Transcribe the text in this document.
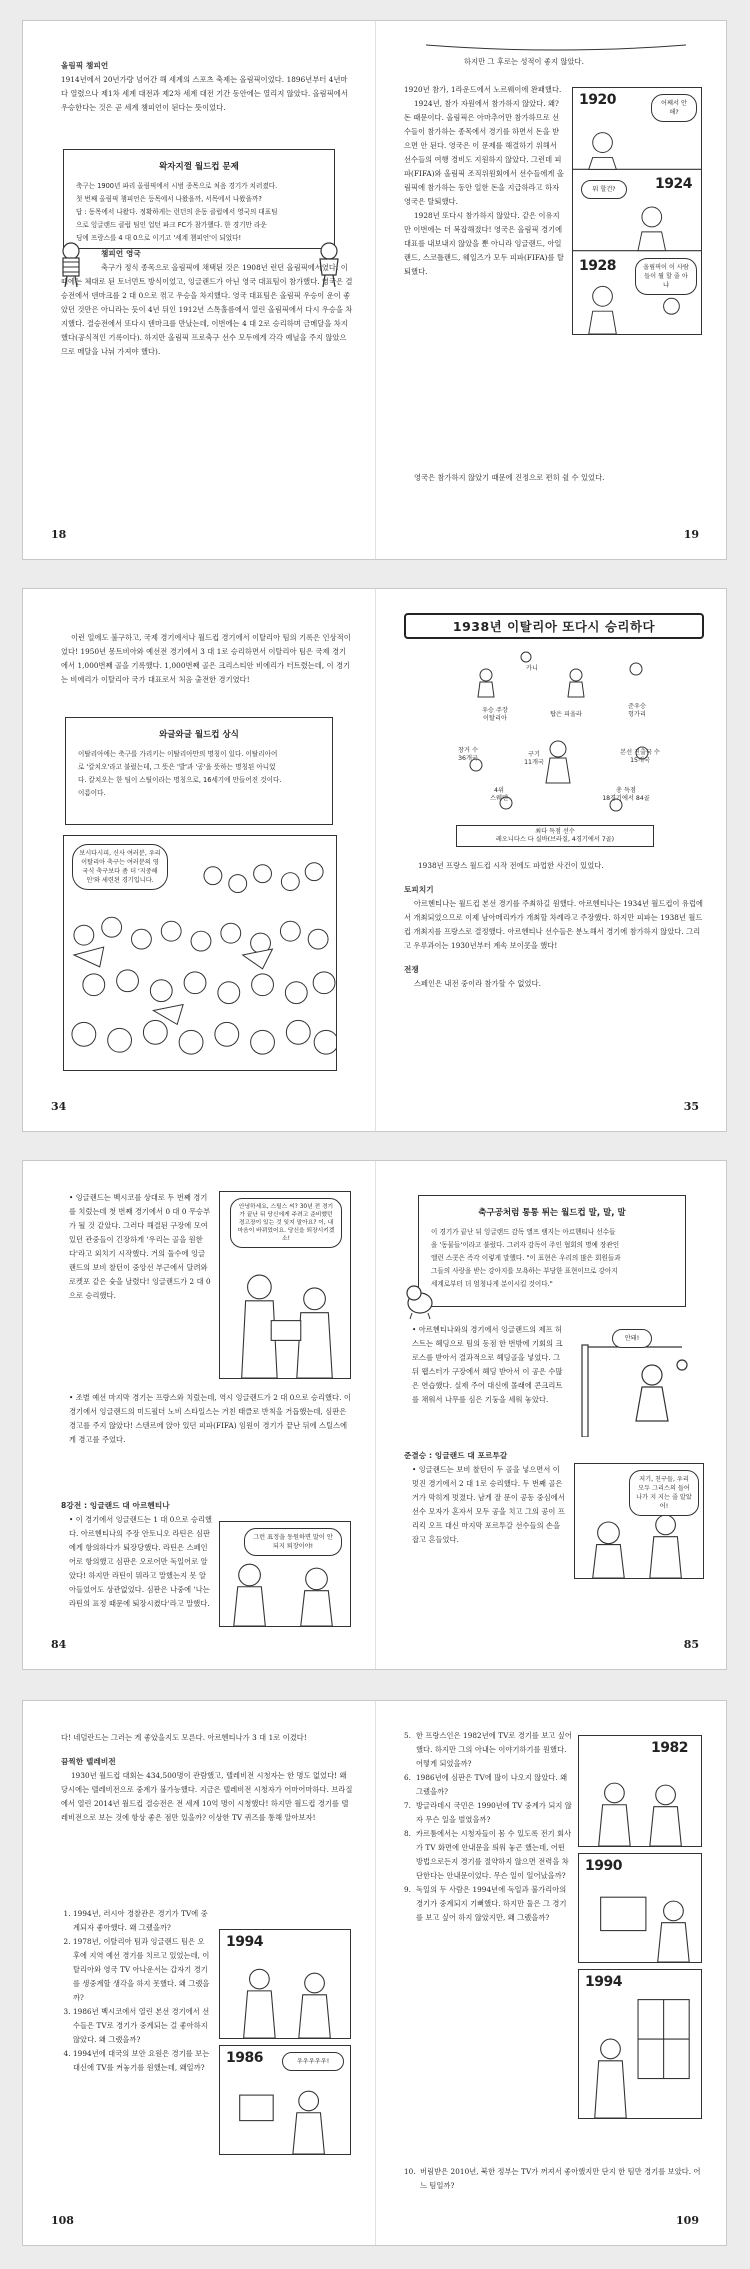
올림픽 챔피언

1914년에서 20년가량 넘어간 해 세계의 스포츠 축제는 올림픽이었다. 1896년부터 4년마다 열렸으나 제1차 세계 대전과 제2차 세계 대전 기간 동안에는 열리지 않았다. 올림픽에서 우승한다는 것은 곧 세계 챔피언이 된다는 뜻이었다.

왁자지껄 월드컵 문제
축구는 1900년 파리 올림픽에서 시범 종목으로 처음 경기가 치러졌다.
첫 번째 올림픽 챔피언은 등목에서 나왔을까, 서목에서 나왔을까?
답 : 동목에서 나왔다. 정확하게는 런던의 운동 클럽에서 영국의 대표팀
으로 잉글랜드 클럽 팀인 업턴 파크 FC가 참가했다. 한 경기만 라운
딩에 프랑스를 4 대 0으로 이기고 '세계 챔피언'이 되었다!
챔피언 영국

축구가 정식 종목으로 올림픽에 채택된 것은 1908년 런던 올림픽에서였다. 이때에는 체대로 된 토너먼트 방식이었고, 잉글랜드가 아닌 영국 대표팀이 참가했다. 영국은 결승전에서 덴마크를 2 대 0으로 꺾고 우승을 차지했다. 영국 대표팀은 올림픽 우승이 운이 좋았던 것만은 아니라는 듯이 4년 뒤인 1912년 스톡홀름에서 열린 올림픽에서 다시 우승을 차지했다. 결승전에서 또다시 덴마크를 만났는데, 이번에는 4 대 2로 승리하며 금메달을 차지했다(공식적인 기록이다). 하지만 올림픽 프로축구 선수 모두에게 각각 예닐을 주지 않았으므로 메달을 나눠 가져야 했다).

18

하지만 그 후로는 성적이 좋지 않았다.

1920년 참가, 1라운드에서 노르웨이에 완패했다.

1924년, 참가 자원에서 참가하지 않았다. 왜? 돈 때문이다. 올림픽은 아마추어만 참가하므로 선수들이 참가하는 종목에서 경기를 하면서 돈을 받으면 안 된다. 영국은 이 문제를 해결하기 위해서 선수들의 여행 경비도 지원하지 않았다. 그런데 피파(FIFA)와 올림픽 조직위원회에서 선수들에게 올림픽에 참가하는 동안 일한 돈을 지급하라고 하자 영국은 탈퇴했다.

1928년 또다시 참가하지 않았다. 같은 이유지만 이번에는 더 복잡해졌다! 영국은 올림픽 경기에 대표를 내보내지 않았을 뿐 아니라 잉글랜드, 아일랜드, 스코틀랜드, 웨일즈가 모두 피파(FIFA)를 탈퇴했다.

영국은 참가하지 않았기 때문에 진정으로 편히 쉴 수 있었다.

1920	어째서 안 해?
1924
뭐 할건?
1928	올림픽이 이 사람들이 뭘 할 줄 아냐
19

이런 일에도 불구하고, 국제 경기에서나 월드컵 경기에서 이탈리아 팀의 기록은 인상적이었다! 1950년 몽트비아와 예선전 경기에서 3 대 1로 승리하면서 이탈리아 팀은 국제 경기에서 1,000번째 골을 기록했다. 1,000번째 골은 크리스티안 비에리가 터트렸는데, 이 경기는 비에리가 이탈리아 국가 대표로서 처음 출전한 경기였다!

와글와글 월드컵 상식
이탈리아에는 축구를 가리키는 이탈리아만의 명칭이 있다. 이탈리아어
로 '칼치오'라고 불렀는데, 그 뜻은 '발'과 '공'을 뜻하는 명칭된 아니었
다. 칼치오는 한 팀이 스틸이라는 명칭으로, 16세기에 만들어진 것이다.
이름이다.
보시다시피, 신사 여러분, 우리 이탈리아 축구는 여러분의 영국식 축구보다 좀 더 '지중해인'와 세련된 경기입니다.
34
1938년 이탈리아 또다시 승리하다
우승 주장
이탈리아
카니
탑은 피올라
창거 수
36개국
구기
11개국
본선 진출국 수
15개국
준우승
헝가리
4위
스웨덴
총 득점
18경기에서 84골
최다 득점 선수
레오니다스 다 실바(브라질, 4경기에서 7골)

1938년 프랑스 월드컵 시작 전에도 파업한 사건이 있었다.

토피치기

아르헨티나는 월드컵 본선 경기를 주최하길 원했다. 아르헨티나는 1934년 월드컵이 유럽에서 개최되었으므로 이제 남아메리카가 개최할 차례라고 주장했다. 하지만 피파는 1938년 월드컵 개최지를 프랑스로 결정했다. 아르헨티나 선수들은 분노해서 경기에 참가하지 않았다. 그리고 우루과이는 1930년부터 계속 보이콧을 했다!

전쟁

스페인은 내전 중이라 참가할 수 없었다.

35
• 잉글랜드는 벡시코를 상대로 두 번째 경기를 치렀는데 첫 번째 경기에서 0 대 0 무승부가 될 것 같았다. 그러다 해결된 구장에 모여 있던 관중들이 긴장하게 '우리는 골을 원한다'라고 외치기 시작했다. 거의 둘수에 잉글랜드의 보비 찰턴이 중앙선 부근에서 달려와 로켓포 같은 슛을 날렸다! 잉글랜드가 2 대 0으로 승리했다.
• 조별 예선 마지막 경기는 프랑스와 치렀는데, 역시 잉글랜드가 2 대 0으로 승리했다. 이 경기에서 잉글랜드의 미드필더 노비 스타일스는 거친 태클로 반칙을 거듭했는데, 심판은 경고를 주지 않았다! 스텐르에 앉아 있던 피파(FIFA) 임원이 경기가 끝난 뒤에 스틸스에게 경고를 주었다.
안녕하세요, 스틸스 씨? 30년 전 경기가 끝난 뒤 당신에게 주려고 준비했던 경고장이 있는 것 잊지 말아요? 이, 내 마음이 바뀌었어요. 당신을 퇴장시키겠소!
8강전 : 잉글랜드 대 아르헨티나
• 이 경기에서 잉글랜드는 1 대 0으로 승리했다. 아르헨티나의 주장 안토니오 라틴은 심판에게 항의하다가 퇴장당했다. 라틴은 스페인어로 항의했고 심판은 오로어만 독일어로 알았다! 하지만 라틴이 뭐라고 말했는지 못 알아들었어도 상관없었다. 심판은 나중에 '나는 라틴의 표정 때문에 퇴장시켰다'라고 말했다.
그런 표정을 동원하면 말이 안 되지 퇴장이야!
84
축구공처럼 통통 튀는 월드컵 말, 말, 말
이 경기가 끝난 뒤 잉글랜드 감독 앨프 램지는 아르헨티나 선수들
을 '동물들'이라고 불렀다. 그러자 감독이 주인 협회의 명예 장관인
앨런 스콧은 즉각 이렇게 말했다. "이 표현은 우리의 많은 회원들과
그들의 사랑을 받는 강아지를 모욕하는 부당한 표현이므로 강아지
세계로부터 더 엄청나게 분이시킬 것이다."
• 아르헨티나와의 경기에서 잉글랜드의 제프 허스트는 헤딩으로 팀의 동점 한 번밖에 기회의 크로스를 받아서 결과적으로 헤딩골을 넣었다. 그 뒤 웹스터가 구장에서 헤딩 받아서 이 공은 수많은 연습했다. 실제 주어 대신에 몰래에 콘크리트를 채워서 나무를 심은 기둥을 세워 놓았다.
안돼!
준결승 : 잉글랜드 대 포르투갈
• 잉글랜드는 보비 찰턴이 두 골을 넣으면서 이 멋진 경기에서 2 대 1로 승리했다. 두 번째 골은 거가 막히게 멋졌다. 남게 잘 문이 공동 중심에서 선수 모자가 혼자서 모두 공을 치고 그의 공이 프리킥 오프 대신 마지막 포르투갈 선수들의 손을 잡고 흔들었다.
저기, 친구들, 우리 모두 그리스의 들어 나가 지 지는 줄 알았어!
85

다! 네덜란드는 그러는 게 좋았을지도 모른다. 아르헨티나가 3 대 1로 이겼다!

끔찍한 텔레비전

1930년 월드컵 대회는 434,500명이 관람했고, 텔레비전 시청자는 한 명도 없었다! 왜 당시에는 텔레비전으로 중계가 불가능했다. 지금은 텔레비전 시청자가 어마어마하다. 브라질에서 열린 2014년 월드컵 결승전은 전 세계 10억 명이 시청했다! 하지만 월드컵 경기를 텔레비전으로 보는 것에 항상 좋은 점만 있을까? 이상한 TV 퀴즈를 통해 알아보자!

1. 1994년, 러시아 경찰관은 경기가 TV에 중계되자 좋아했다. 왜 그랬을까?
2. 1978년, 이탈리아 팀과 잉글랜드 팀은 오후에 지역 예선 경기를 치르고 있었는데, 이탈리아와 영국 TV 아나운서는 갑자기 경기를 생중계할 생각을 하지 못했다. 왜 그랬을까?
3. 1986년 벡시코에서 열린 본선 경기에서 선수들은 TV로 경기가 중계되는 걸 좋아하지 않았다. 왜 그랬을까?
4. 1994년에 대국의 보안 요원은 경기를 보는 대신에 TV를 켜놓기를 원했는데, 왜일까?
1994
1986	우우우우우!
108
5. 한 프랑스인은 1982년에 TV로 경기를 보고 싶어 했다. 하지만 그의 아내는 이야기하기를 원했다. 어떻게 되었을까?
6. 1986년에 심판은 TV에 많이 나오지 않았다. 왜 그랬을까?
7. 방글라데시 국민은 1990년에 TV 중계가 되지 않자 무슨 일을 벌였을까?
8. 카르툼에서는 시청자들이 몸 수 있도록 전기 회사가 TV 화면에 안내문을 띄워 놓곤 했는데, 어떤 방법으로든지 경기를 절약하지 않으면 전력을 차단한다는 안내문이었다. 무슨 일이 일어났을까?
9. 독일의 두 사람은 1994년에 독일과 불가리아의 경기가 중계되지 기뻐했다. 하지만 둘은 그 경기를 보고 싶어 하지 않았지만, 왜 그랬을까?
10. 버림받은 2010년, 북한 정부는 TV가 꺼져서 좋아했지만 단지 한 팀만 경기를 보았다. 어느 팀일까?
1982
1990
1994
109
